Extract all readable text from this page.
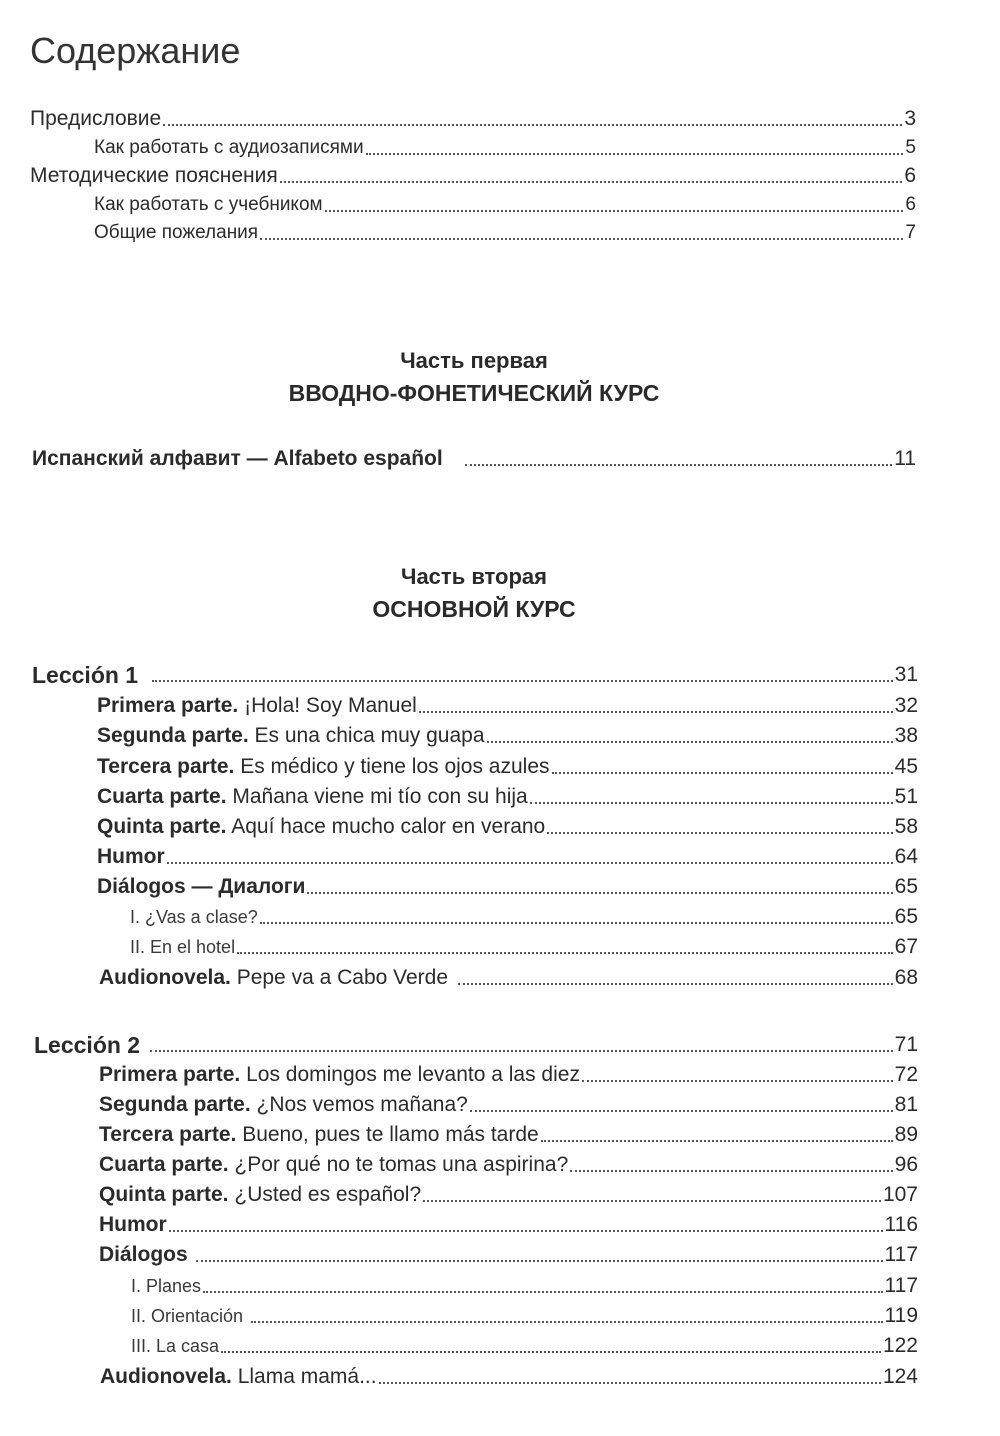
Содержание
Предисловие	3
Как работать с аудиозаписями	5
Методические пояснения	6
Как работать с учебником	6
Общие пожелания	7
Часть первая
ВВОДНО-ФОНЕТИЧЕСКИЙ КУРС
Испанский алфавит — Alfabeto español	11
Часть вторая
ОСНОВНОЙ КУРС
Lección 1	31
Primera parte. ¡Hola! Soy Manuel	32
Segunda parte. Es una chica muy guapa	38
Tercera parte. Es médico y tiene los ojos azules	45
Cuarta parte. Mañana viene mi tío con su hija	51
Quinta parte. Aquí hace mucho calor en verano	58
Humor	64
Diálogos — Диалоги	65
I. ¿Vas a clase?	65
II. En el hotel	67
Audionovela. Pepe va a Cabo Verde	68
Lección 2	71
Primera parte. Los domingos me levanto a las diez	72
Segunda parte. ¿Nos vemos mañana?	81
Tercera parte. Bueno, pues te llamo más tarde	89
Cuarta parte. ¿Por qué no te tomas una aspirina?	96
Quinta parte. ¿Usted es español?	107
Humor	116
Diálogos	117
I. Planes	117
II. Orientación	119
III. La casa	122
Audionovela. Llama mamá...	124
